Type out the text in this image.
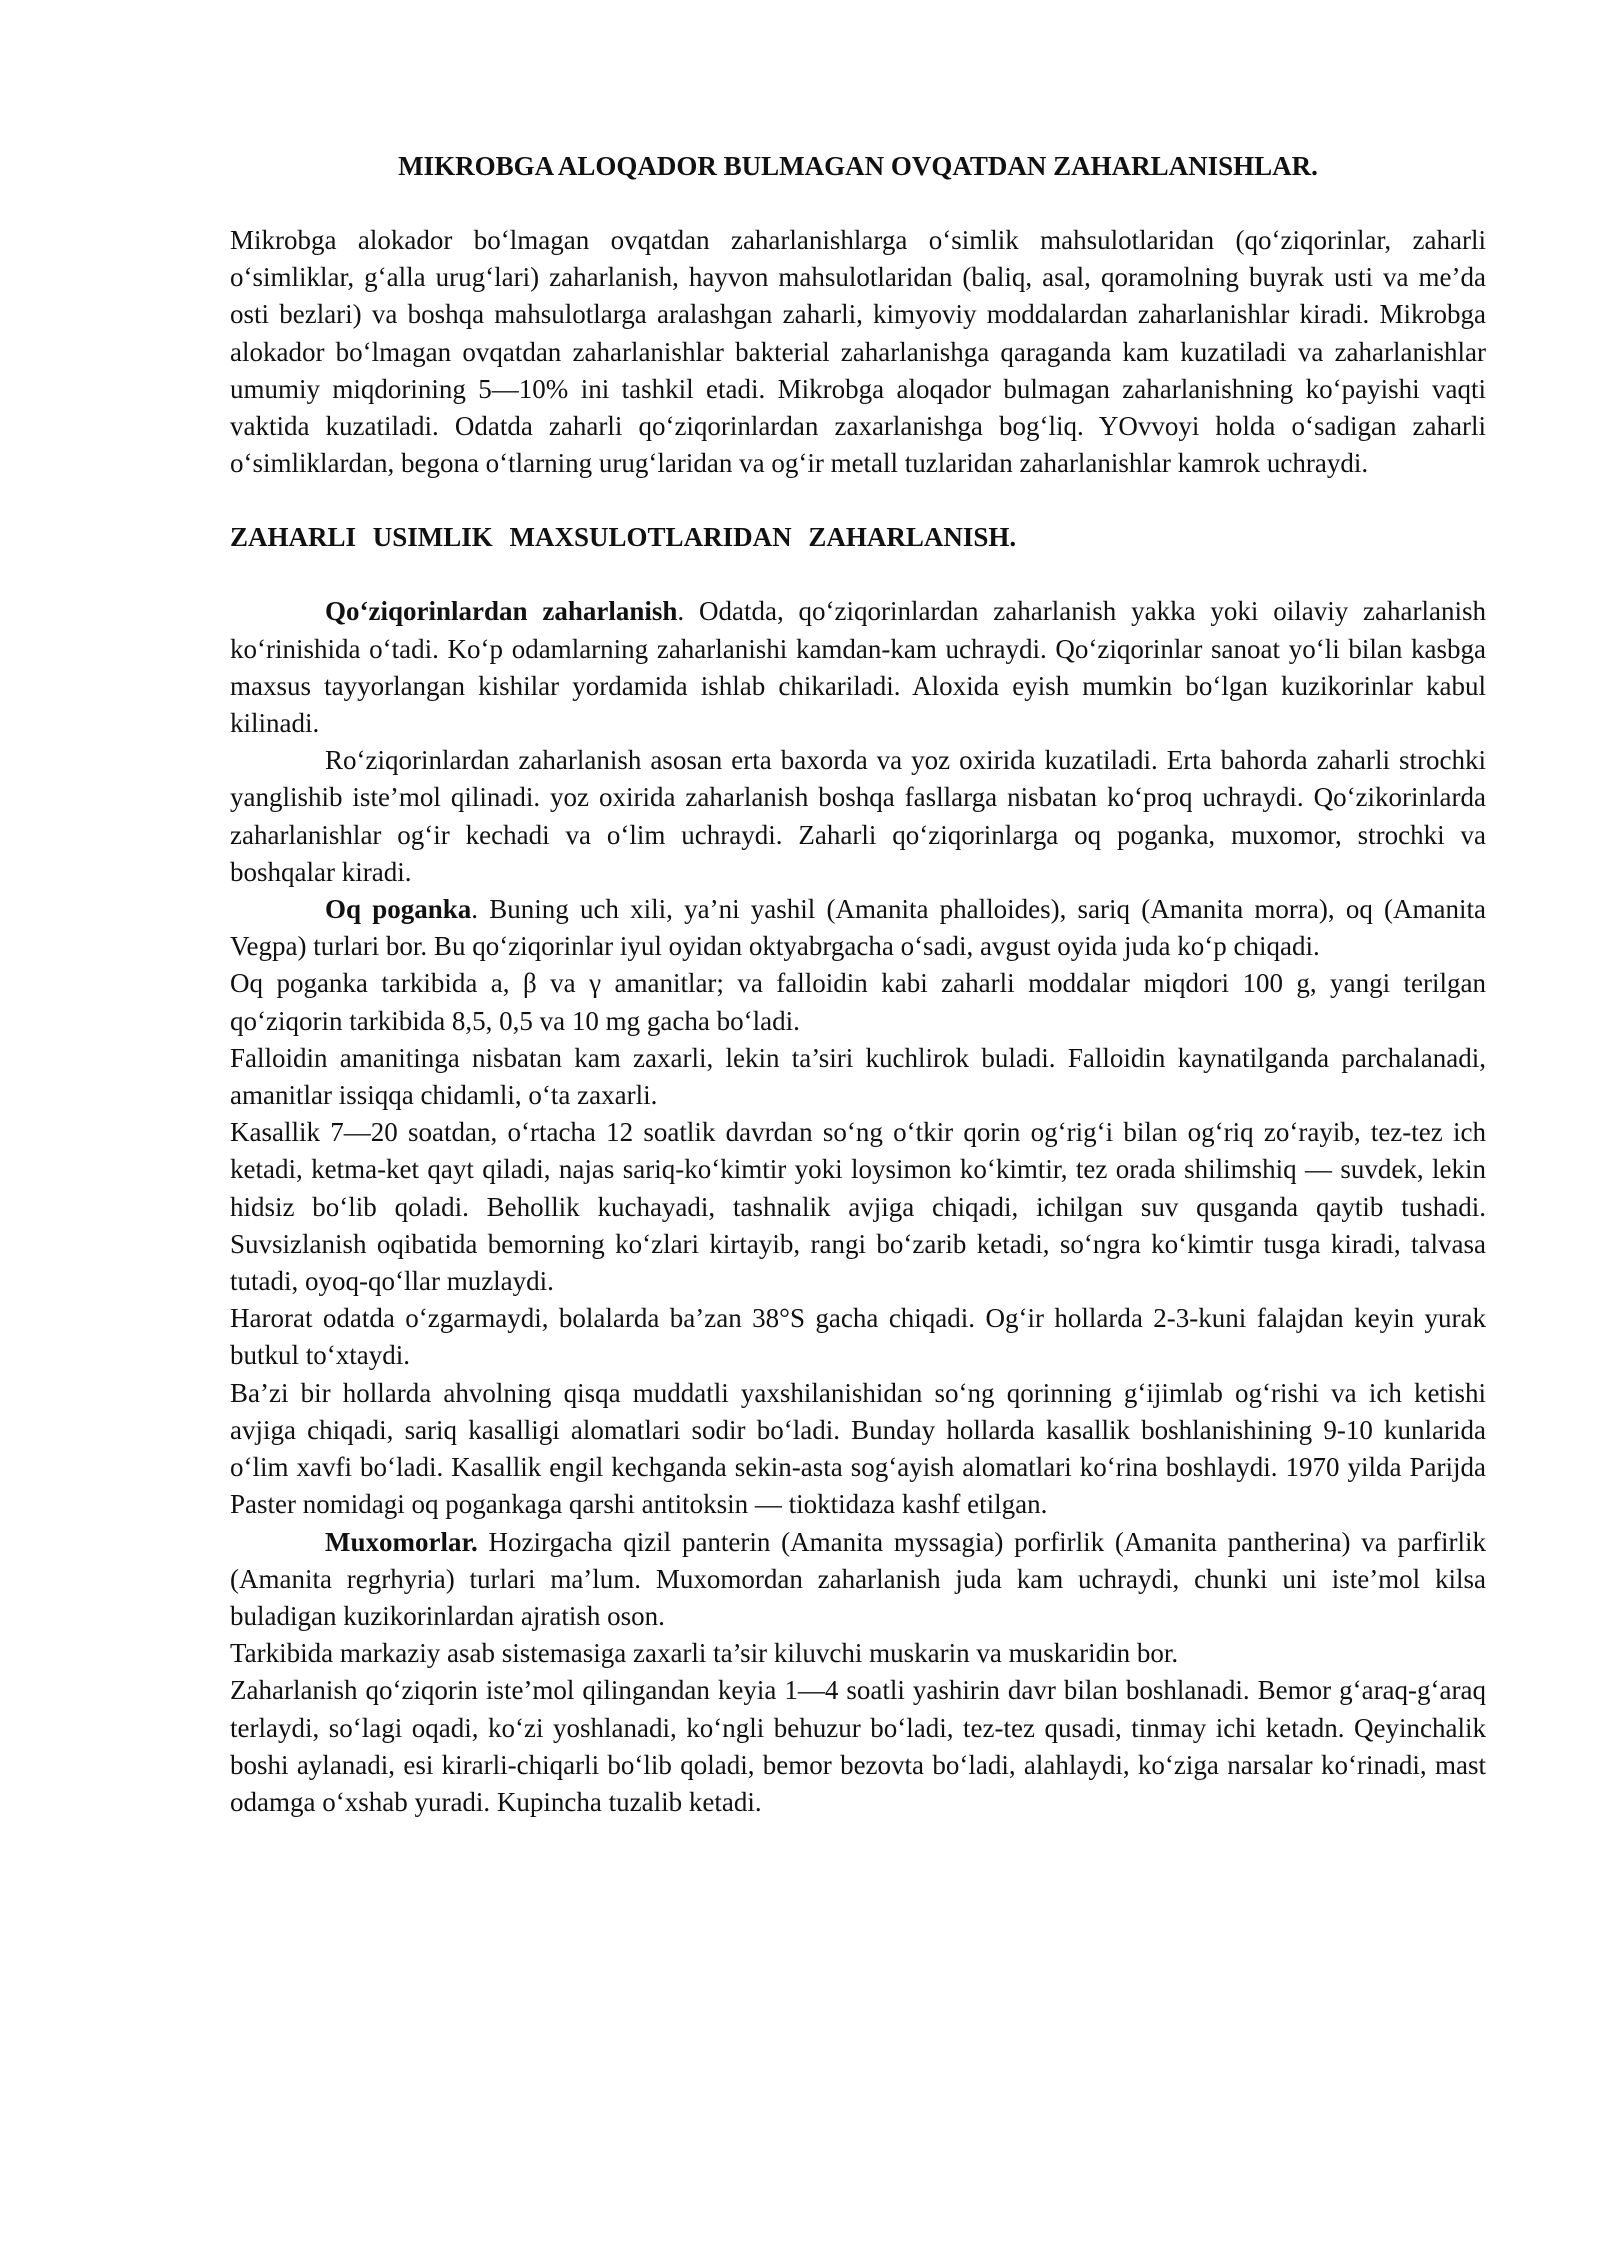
MIKROBGA ALOQADOR BULMAGAN OVQATDAN ZAHARLANISHLAR.

Mikrobga alokador bo‘lmagan ovqatdan zaharlanishlarga o‘simlik mahsulotlaridan (qo‘ziqorinlar, zaharli o‘simliklar, g‘alla urug‘lari) zaharlanish, hayvon mahsulotlaridan (baliq, asal, qoramolning buyrak usti va me’da osti bezlari) va boshqa mahsulotlarga aralashgan zaharli, kimyoviy moddalardan zaharlanishlar kiradi. Mikrobga alokador bo‘lmagan ovqatdan zaharlanishlar bakterial zaharlanishga qaraganda kam kuzatiladi va zaharlanishlar umumiy miqdorining 5—10% ini tashkil etadi. Mikrobga aloqador bulmagan zaharlanishning ko‘payishi vaqti vaktida kuzatiladi. Odatda zaharli qo‘ziqorinlardan zaxarlanishga bog‘liq. YOvvoyi holda o‘sadigan zaharli o‘simliklardan, begona o‘tlarning urug‘laridan va og‘ir metall tuzlaridan zaharlanishlar kamrok uchraydi.

ZAHARLI USIMLIK MAXSULOTLARIDAN ZAHARLANISH.

Qo‘ziqorinlardan zaharlanish. Odatda, qo‘ziqorinlardan zaharlanish yakka yoki oilaviy zaharlanish ko‘rinishida o‘tadi. Ko‘p odamlarning zaharlanishi kamdan-kam uchraydi. Qo‘ziqorinlar sanoat yo‘li bilan kasbga maxsus tayyorlangan kishilar yordamida ishlab chikariladi. Aloxida eyish mumkin bo‘lgan kuzikorinlar kabul kilinadi.

Ro‘ziqorinlardan zaharlanish asosan erta baxorda va yoz oxirida kuzatiladi. Erta bahorda zaharli strochki yanglishib iste’mol qilinadi. yoz oxirida zaharlanish boshqa fasllarga nisbatan ko‘proq uchraydi. Qo‘zikorinlarda zaharlanishlar og‘ir kechadi va o‘lim uchraydi. Zaharli qo‘ziqorinlarga oq poganka, muxomor, strochki va boshqalar kiradi.

Oq poganka. Buning uch xili, ya’ni yashil (Amanita phalloides), sariq (Amanita morra), oq (Amanita Vegpa) turlari bor. Bu qo‘ziqorinlar iyul oyidan oktyabrgacha o‘sadi, avgust oyida juda ko‘p chiqadi.

Oq poganka tarkibida a, β va γ amanitlar; va falloidin kabi zaharli moddalar miqdori 100 g, yangi terilgan qo‘ziqorin tarkibida 8,5, 0,5 va 10 mg gacha bo‘ladi.

Falloidin amanitinga nisbatan kam zaxarli, lekin ta’siri kuchlirok buladi. Falloidin kaynatilganda parchalanadi, amanitlar issiqqa chidamli, o‘ta zaxarli.

Kasallik 7—20 soatdan, o‘rtacha 12 soatlik davrdan so‘ng o‘tkir qorin og‘rig‘i bilan og‘riq zo‘rayib, tez-tez ich ketadi, ketma-ket qayt qiladi, najas sariq-ko‘kimtir yoki loysimon ko‘kimtir, tez orada shilimshiq — suvdek, lekin hidsiz bo‘lib qoladi. Behollik kuchayadi, tashnalik avjiga chiqadi, ichilgan suv qusganda qaytib tushadi. Suvsizlanish oqibatida bemorning ko‘zlari kirtayib, rangi bo‘zarib ketadi, so‘ngra ko‘kimtir tusga kiradi, talvasa tutadi, oyoq-qo‘llar muzlaydi.

Harorat odatda o‘zgarmaydi, bolalarda ba’zan 38°S gacha chiqadi. Og‘ir hollarda 2-3-kuni falajdan keyin yurak butkul to‘xtaydi.

Ba’zi bir hollarda ahvolning qisqa muddatli yaxshilanishidan so‘ng qorinning g‘ijimlab og‘rishi va ich ketishi avjiga chiqadi, sariq kasalligi alomatlari sodir bo‘ladi. Bunday hollarda kasallik boshlanishining 9-10 kunlarida o‘lim xavfi bo‘ladi. Kasallik engil kechganda sekin-asta sog‘ayish alomatlari ko‘rina boshlaydi. 1970 yilda Parijda Paster nomidagi oq pogankaga qarshi antitoksin — tioktidaza kashf etilgan.

Muxomorlar. Hozirgacha qizil panterin (Amanita myssagia) porfirlik (Amanita pantherina) va parfirlik (Amanita regrhyria) turlari ma’lum. Muxomordan zaharlanish juda kam uchraydi, chunki uni iste’mol kilsa buladigan kuzikorinlardan ajratish oson.

Tarkibida markaziy asab sistemasiga zaxarli ta’sir kiluvchi muskarin va muskaridin bor.

Zaharlanish qo‘ziqorin iste’mol qilingandan keyia 1—4 soatli yashirin davr bilan boshlanadi. Bemor g‘araq-g‘araq terlaydi, so‘lagi oqadi, ko‘zi yoshlanadi, ko‘ngli behuzur bo‘ladi, tez-tez qusadi, tinmay ichi ketadn. Qeyinchalik boshi aylanadi, esi kirarli-chiqarli bo‘lib qoladi, bemor bezovta bo‘ladi, alahlaydi, ko‘ziga narsalar ko‘rinadi, mast odamga o‘xshab yuradi. Kupincha tuzalib ketadi.
